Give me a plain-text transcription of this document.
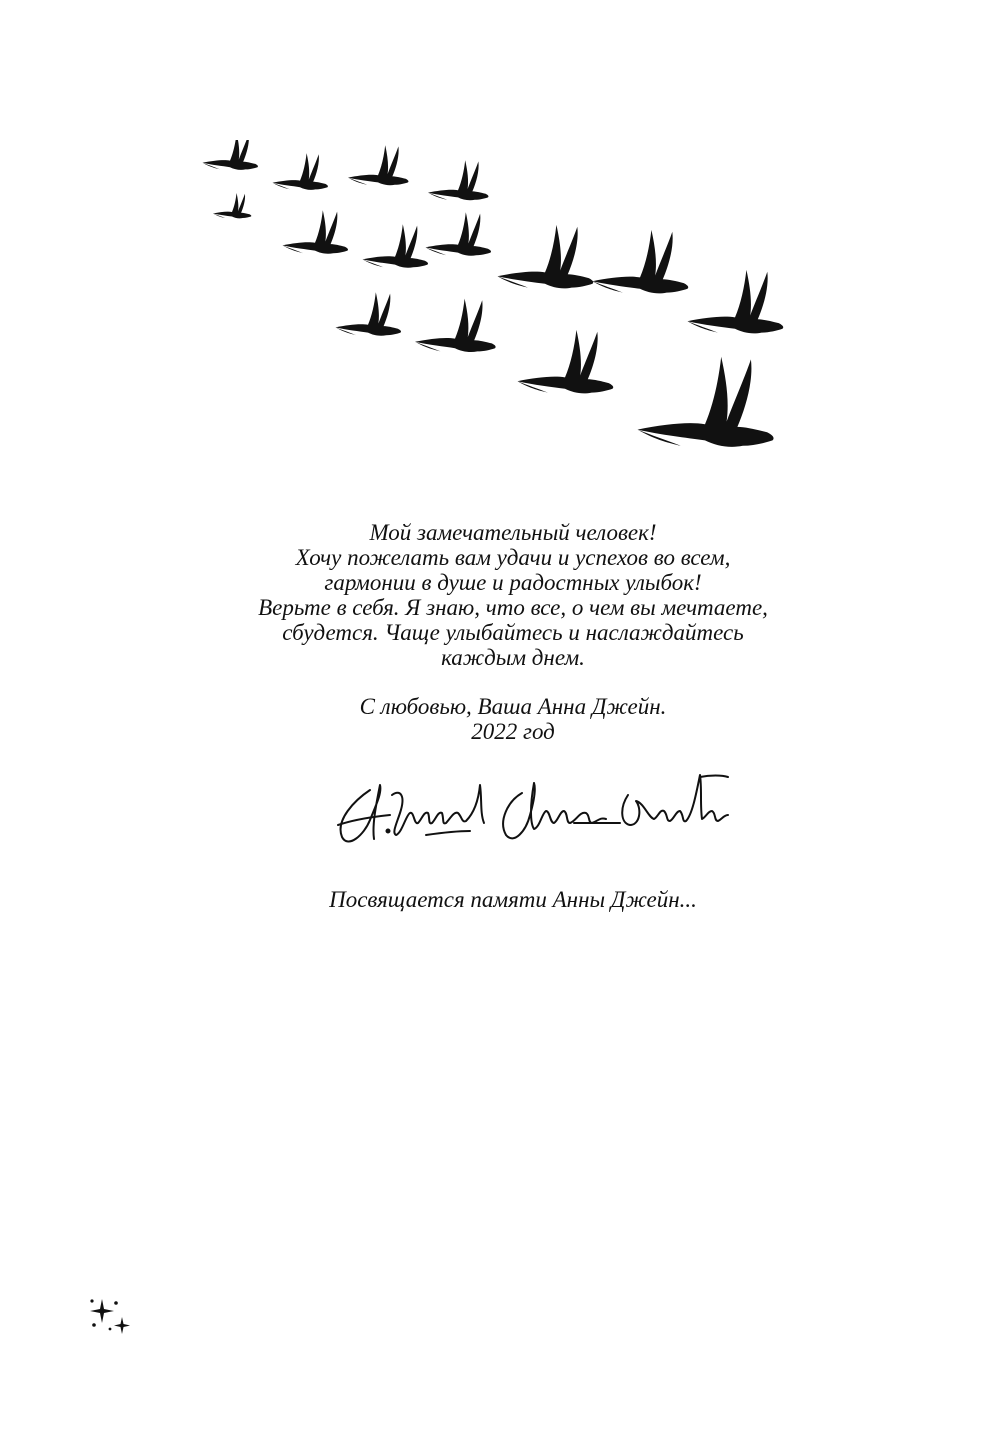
Мой замечательный человек!
Хочу пожелать вам удачи и успехов во всем,
гармонии в душе и радостных улыбок!
Верьте в себя. Я знаю, что все, о чем вы мечтаете,
сбудется. Чаще улыбайтесь и наслаждайтесь
каждым днем.
С любовью, Ваша Анна Джейн.
2022 год
Посвящается памяти Анны Джейн...
